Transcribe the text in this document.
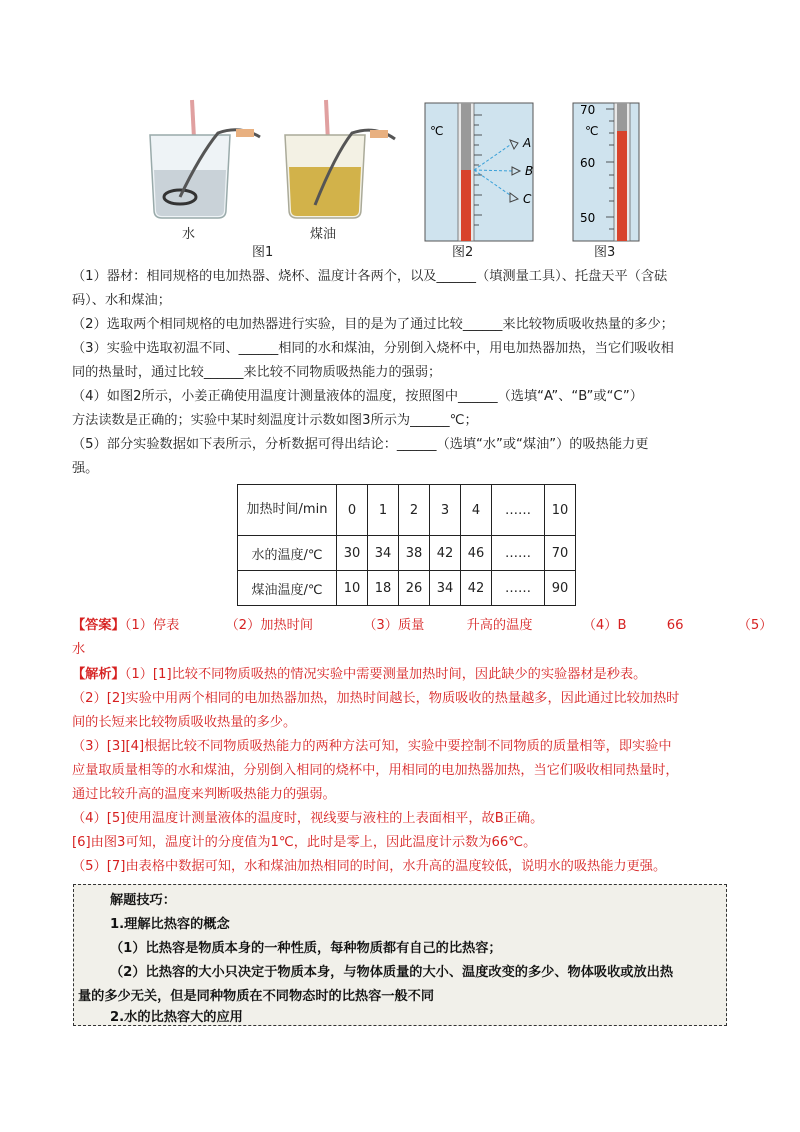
℃
A
B
C
70
℃
60
50
水	煤油
图1	图2	图3
（1）器材：相同规格的电加热器、烧杯、温度计各两个，以及______（填测量工具）、托盘天平（含砝
码）、水和煤油；
（2）选取两个相同规格的电加热器进行实验，目的是为了通过比较______来比较物质吸收热量的多少；
（3）实验中选取初温不同、______相同的水和煤油，分别倒入烧杯中，用电加热器加热，当它们吸收相
同的热量时，通过比较______来比较不同物质吸热能力的强弱；
（4）如图2所示，小姜正确使用温度计测量液体的温度，按照图中______（选填“A”、“B”或“C”）
方法读数是正确的；实验中某时刻温度计示数如图3所示为______℃；
（5）部分实验数据如下表所示，分析数据可得出结论：______（选填“水”或“煤油”）的吸热能力更
强。
加热时间/min	0	1	2	3	4	……	10
水的温度/℃	30	34	38	42	46	……	70
煤油温度/℃	10	18	26	34	42	……	90
【答案】（1）停表	（2）加热时间	（3）质量	升高的温度	（4）B	66	（5）
水
【解析】（1）[1]比较不同物质吸热的情况实验中需要测量加热时间，因此缺少的实验器材是秒表。
（2）[2]实验中用两个相同的电加热器加热，加热时间越长，物质吸收的热量越多，因此通过比较加热时
间的长短来比较物质吸收热量的多少。
（3）[3][4]根据比较不同物质吸热能力的两种方法可知，实验中要控制不同物质的质量相等，即实验中
应量取质量相等的水和煤油，分别倒入相同的烧杯中，用相同的电加热器加热，当它们吸收相同热量时，
通过比较升高的温度来判断吸热能力的强弱。
（4）[5]使用温度计测量液体的温度时，视线要与液柱的上表面相平，故B正确。
[6]由图3可知，温度计的分度值为1℃，此时是零上，因此温度计示数为66℃。
（5）[7]由表格中数据可知，水和煤油加热相同的时间，水升高的温度较低，说明水的吸热能力更强。
解题技巧：
1.理解比热容的概念
（1）比热容是物质本身的一种性质，每种物质都有自己的比热容；
（2）比热容的大小只决定于物质本身，与物体质量的大小、温度改变的多少、物体吸收或放出热
量的多少无关，但是同种物质在不同物态时的比热容一般不同
2.水的比热容大的应用
